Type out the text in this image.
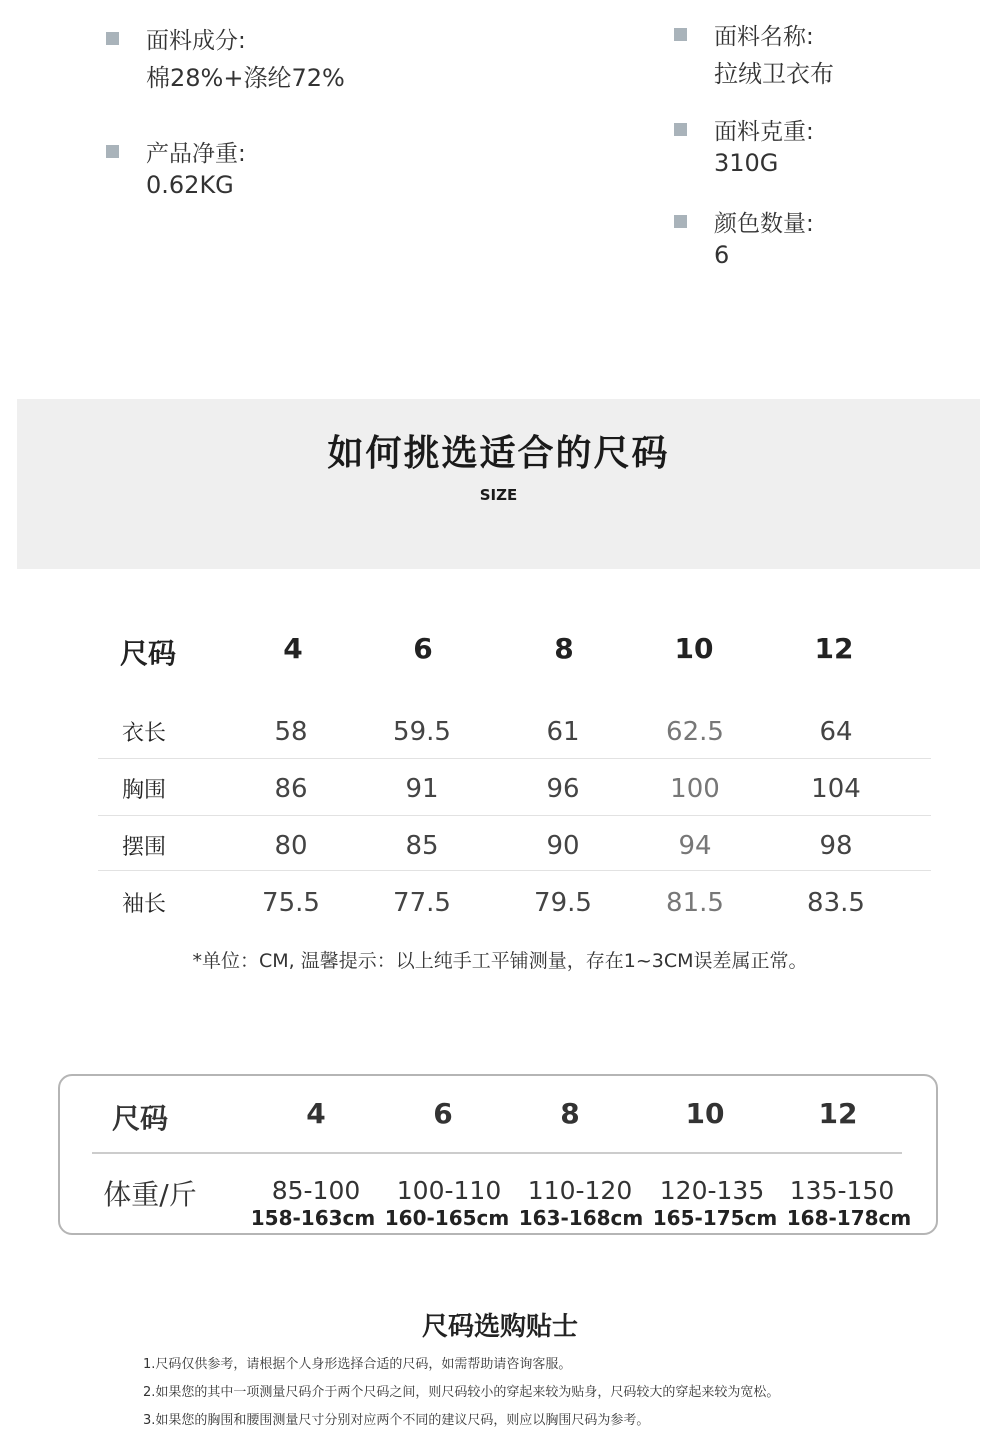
面料成分:
棉28%+涤纶72%
面料名称:
拉绒卫衣布
产品净重:
0.62KG
面料克重:
310G
颜色数量:
6
如何挑选适合的尺码
SIZE
尺码	4	6	8	10	12
衣长	58	59.5	61	62.5	64
胸围	86	91	96	100	104
摆围	80	85	90	94	98
袖长	75.5	77.5	79.5	81.5	83.5
*单位：CM, 温馨提示：以上纯手工平铺测量，存在1~3CM误差属正常。
尺码	4	6	8	10	12
体重/斤	85-100	100-110	110-120	120-135	135-150
158-163cm 160-165cm 163-168cm 165-175cm 168-178cm
尺码选购贴士
1.尺码仅供参考，请根据个人身形选择合适的尺码，如需帮助请咨询客服。
2.如果您的其中一项测量尺码介于两个尺码之间，则尺码较小的穿起来较为贴身，尺码较大的穿起来较为宽松。
3.如果您的胸围和腰围测量尺寸分别对应两个不同的建议尺码，则应以胸围尺码为参考。
